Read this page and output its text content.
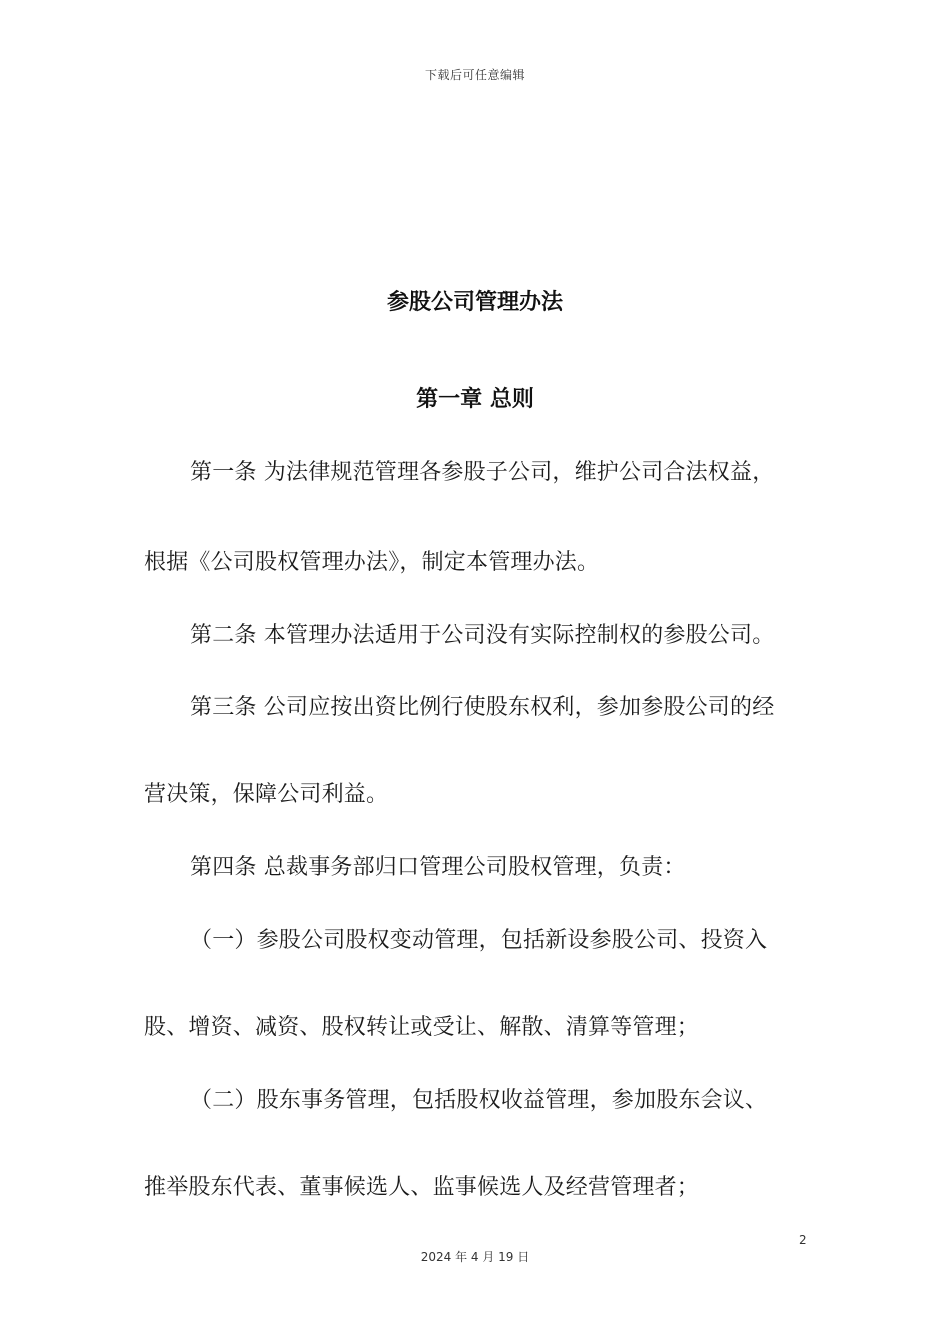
下载后可任意编辑
参股公司管理办法
第一章 总则
第一条 为法律规范管理各参股子公司，维护公司合法权益，
根据《公司股权管理办法》，制定本管理办法。
第二条 本管理办法适用于公司没有实际控制权的参股公司。
第三条 公司应按出资比例行使股东权利，参加参股公司的经
营决策，保障公司利益。
第四条 总裁事务部归口管理公司股权管理，负责：
（一）参股公司股权变动管理，包括新设参股公司、投资入
股、增资、减资、股权转让或受让、解散、清算等管理；
（二）股东事务管理，包括股权收益管理，参加股东会议、
推举股东代表、董事候选人、监事候选人及经营管理者；
2
2024 年 4 月 19 日
